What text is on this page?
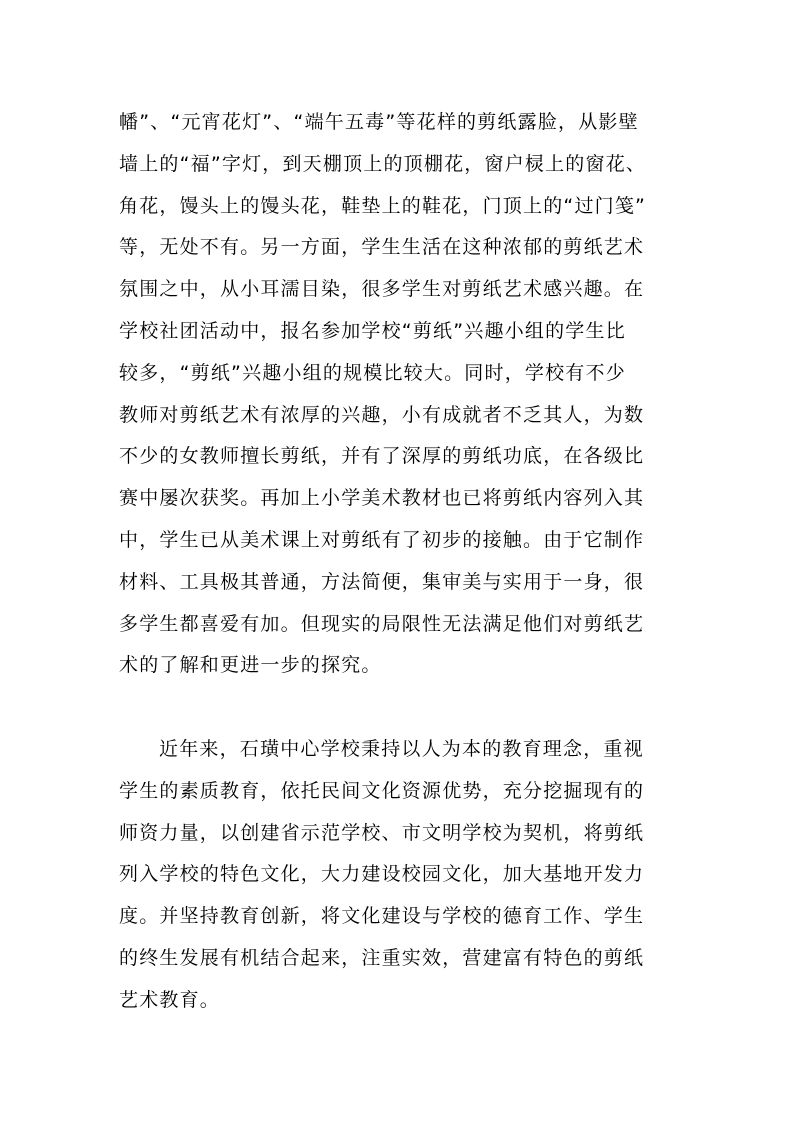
幡”、“元宵花灯”、“端午五毒”等花样的剪纸露脸，从影壁
墙上的“福”字灯，到天棚顶上的顶棚花，窗户棂上的窗花、
角花，馒头上的馒头花，鞋垫上的鞋花，门顶上的“过门笺”
等，无处不有。另一方面，学生生活在这种浓郁的剪纸艺术
氛围之中，从小耳濡目染，很多学生对剪纸艺术感兴趣。在
学校社团活动中，报名参加学校“剪纸”兴趣小组的学生比
较多，“剪纸”兴趣小组的规模比较大。同时，学校有不少
教师对剪纸艺术有浓厚的兴趣，小有成就者不乏其人，为数
不少的女教师擅长剪纸，并有了深厚的剪纸功底，在各级比
赛中屡次获奖。再加上小学美术教材也已将剪纸内容列入其
中，学生已从美术课上对剪纸有了初步的接触。由于它制作
材料、工具极其普通，方法简便，集审美与实用于一身，很
多学生都喜爱有加。但现实的局限性无法满足他们对剪纸艺
术的了解和更进一步的探究。
近年来，石璜中心学校秉持以人为本的教育理念，重视
学生的素质教育，依托民间文化资源优势，充分挖掘现有的
师资力量，以创建省示范学校、市文明学校为契机，将剪纸
列入学校的特色文化，大力建设校园文化，加大基地开发力
度。并坚持教育创新，将文化建设与学校的德育工作、学生
的终生发展有机结合起来，注重实效，营建富有特色的剪纸
艺术教育。
